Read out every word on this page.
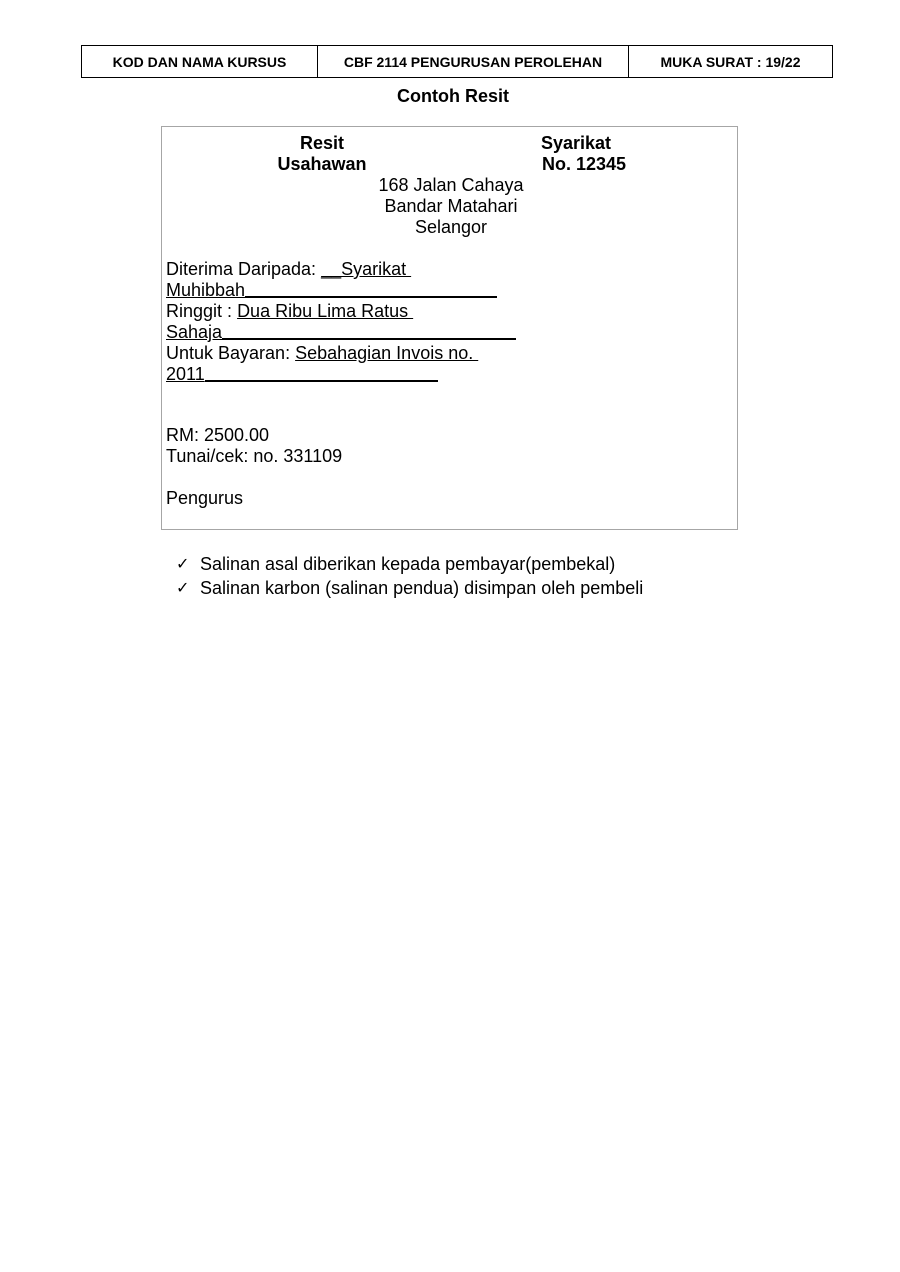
KOD DAN NAMA KURSUS	CBF 2114 PENGURUSAN PEROLEHAN	MUKA SURAT : 19/22
Contoh Resit
Resit
Usahawan
Syarikat
No. 12345
168 Jalan Cahaya
Bandar Matahari
Selangor
Diterima Daripada: __Syarikat
Muhibbah
Ringgit : Dua Ribu Lima Ratus
Sahaja
Untuk Bayaran: Sebahagian Invois no.
2011
RM: 2500.00
Tunai/cek: no. 331109
Pengurus
✓ Salinan asal diberikan kepada pembayar(pembekal)
✓ Salinan karbon (salinan pendua) disimpan oleh pembeli
